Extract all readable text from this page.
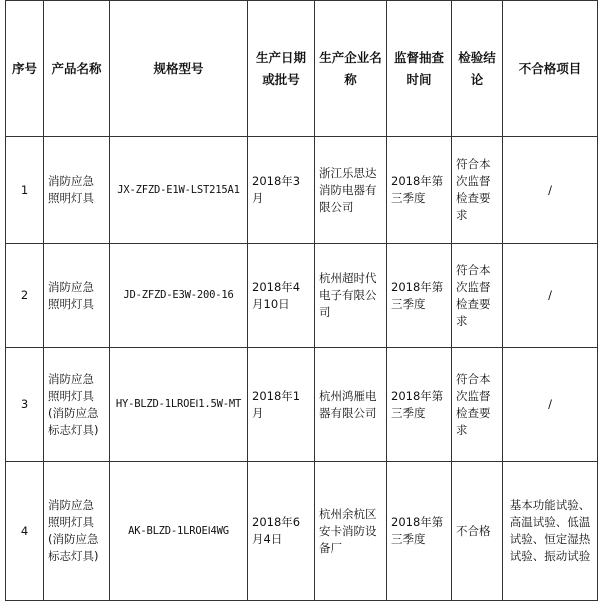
序号	产品名称	规格型号	生产日期或批号	生产企业名称	监督抽查时间	检验结论	不合格项目
1	消防应急照明灯具	JX-ZFZD-E1W-LST215A1	2018年3月	浙江乐思达消防电器有限公司	2018年第三季度	符合本次监督检查要求	/
2	消防应急照明灯具	JD-ZFZD-E3W-200-16	2018年4月10日	杭州超时代电子有限公司	2018年第三季度	符合本次监督检查要求	/
3	消防应急照明灯具(消防应急标志灯具)	HY-BLZD-1LROEⅠ1.5W-MT	2018年1月	杭州鸿雁电器有限公司	2018年第三季度	符合本次监督检查要求	/
4	消防应急照明灯具(消防应急标志灯具)	AK-BLZD-1LROEⅠ4WG	2018年6月4日	杭州余杭区安卡消防设备厂	2018年第三季度	不合格	基本功能试验、高温试验、低温试验、恒定湿热试验、振动试验
